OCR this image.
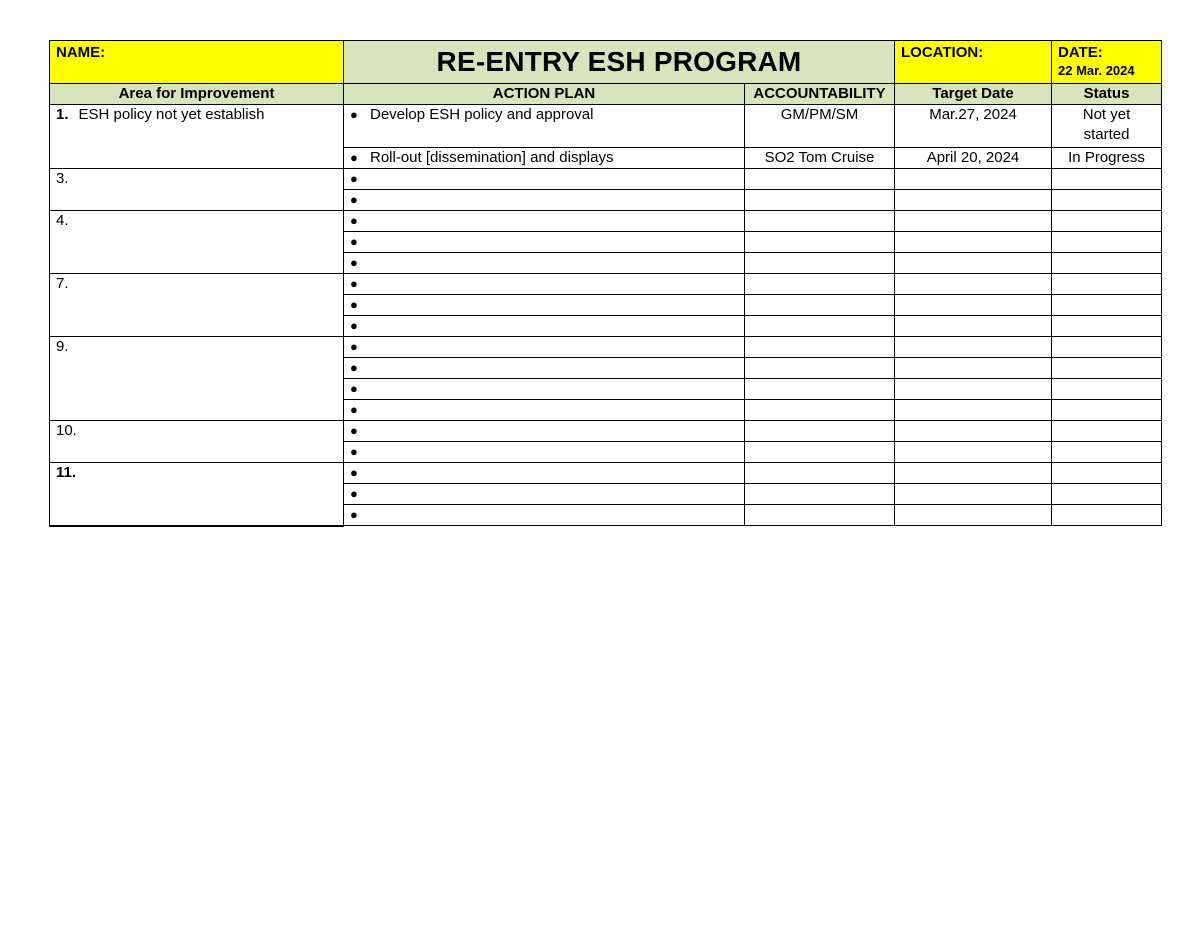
NAME:	RE-ENTRY ESH PROGRAM		LOCATION:	DATE:
22 Mar. 2024

Area for Improvement	ACTION PLAN	ACCOUNTABILITY	Target Date	Status
1. ESH policy not yet establish	● Develop ESH policy and approval	GM/PM/SM	Mar.27, 2024	Not yet started
	● Roll-out [dissemination] and displays	SO2 Tom Cruise	April 20, 2024	In Progress
3.	●			
	●			
4.	●			
	●			
	●			
7.	●			
	●			
	●			
9.	●			
	●			
	●			
	●			
10.	●			
	●			
11.	●			
	●			
	●			
